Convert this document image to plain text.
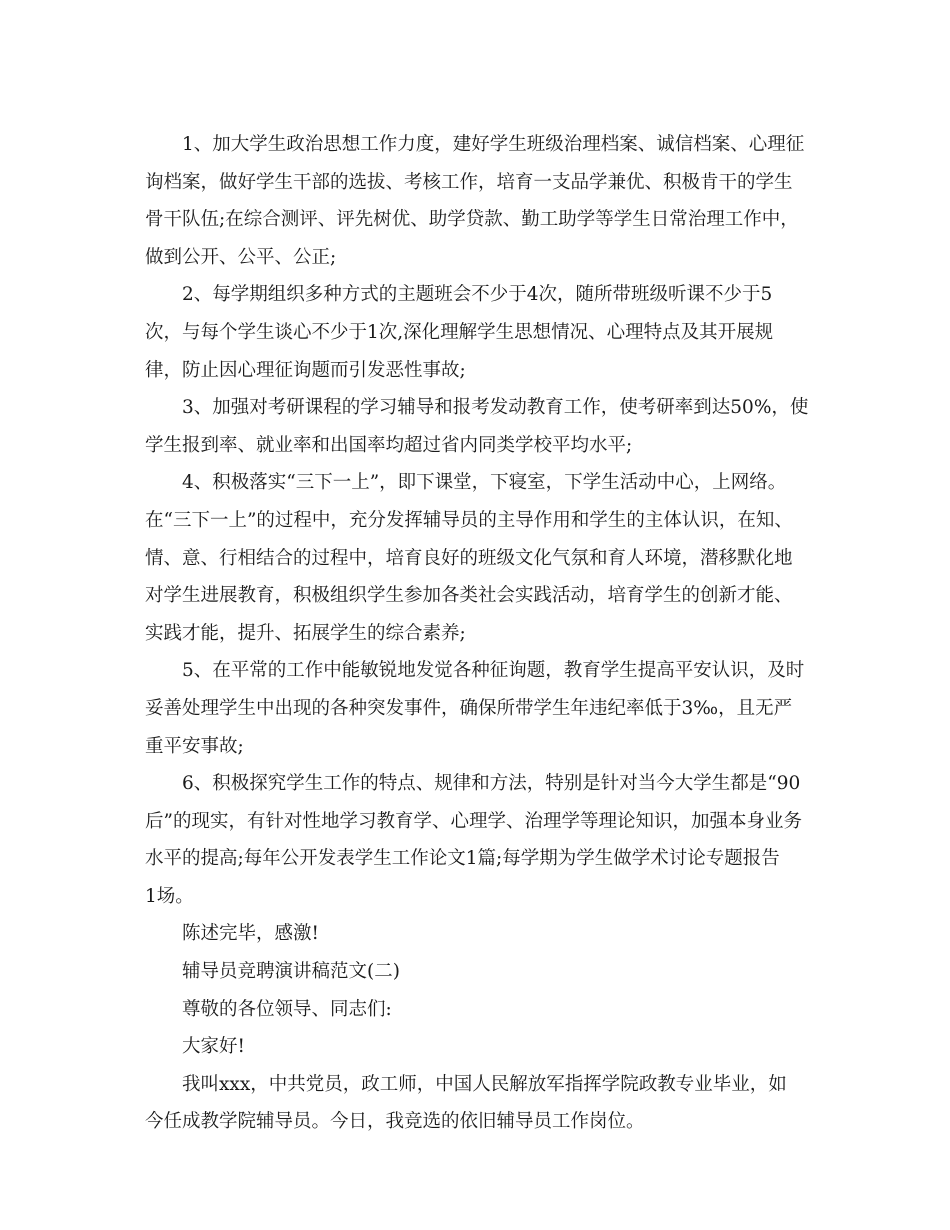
1、加大学生政治思想工作力度，建好学生班级治理档案、诚信档案、心理征
询档案，做好学生干部的选拔、考核工作，培育一支品学兼优、积极肯干的学生
骨干队伍;在综合测评、评先树优、助学贷款、勤工助学等学生日常治理工作中，
做到公开、公平、公正;
2、每学期组织多种方式的主题班会不少于4次，随所带班级听课不少于5
次，与每个学生谈心不少于1次,深化理解学生思想情况、心理特点及其开展规
律，防止因心理征询题而引发恶性事故;
3、加强对考研课程的学习辅导和报考发动教育工作，使考研率到达50%，使
学生报到率、就业率和出国率均超过省内同类学校平均水平;
4、积极落实“三下一上”，即下课堂，下寝室，下学生活动中心，上网络。
在“三下一上”的过程中，充分发挥辅导员的主导作用和学生的主体认识，在知、
情、意、行相结合的过程中，培育良好的班级文化气氛和育人环境，潜移默化地
对学生进展教育，积极组织学生参加各类社会实践活动，培育学生的创新才能、
实践才能，提升、拓展学生的综合素养;
5、在平常的工作中能敏锐地发觉各种征询题，教育学生提高平安认识，及时
妥善处理学生中出现的各种突发事件，确保所带学生年违纪率低于3‰，且无严
重平安事故;
6、积极探究学生工作的特点、规律和方法，特别是针对当今大学生都是“90
后”的现实，有针对性地学习教育学、心理学、治理学等理论知识，加强本身业务
水平的提高;每年公开发表学生工作论文1篇;每学期为学生做学术讨论专题报告
1场。
陈述完毕，感激!
辅导员竞聘演讲稿范文(二)
尊敬的各位领导、同志们:
大家好!
我叫xxx，中共党员，政工师，中国人民解放军指挥学院政教专业毕业，如
今任成教学院辅导员。今日，我竞选的依旧辅导员工作岗位。
